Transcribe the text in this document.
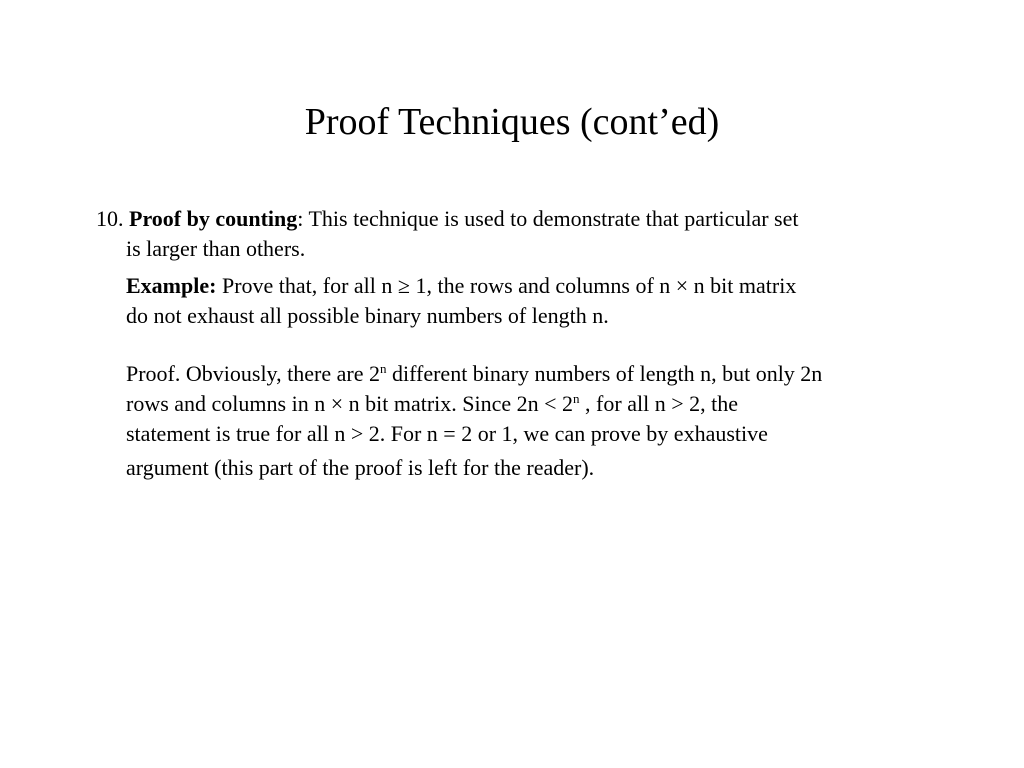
Proof Techniques (cont’ed)
10. Proof by counting: This technique is used to demonstrate that particular set
is larger than others.
Example: Prove that, for all n ≥ 1, the rows and columns of n × n bit matrix
do not exhaust all possible binary numbers of length n.
Proof. Obviously, there are 2$^n$ different binary numbers of length n, but only 2n
rows and columns in n × n bit matrix. Since $2n < 2^n$ , for all n > 2, the
statement is true for all n > 2. For n = 2 or 1, we can prove by exhaustive
argument (this part of the proof is left for the reader).
